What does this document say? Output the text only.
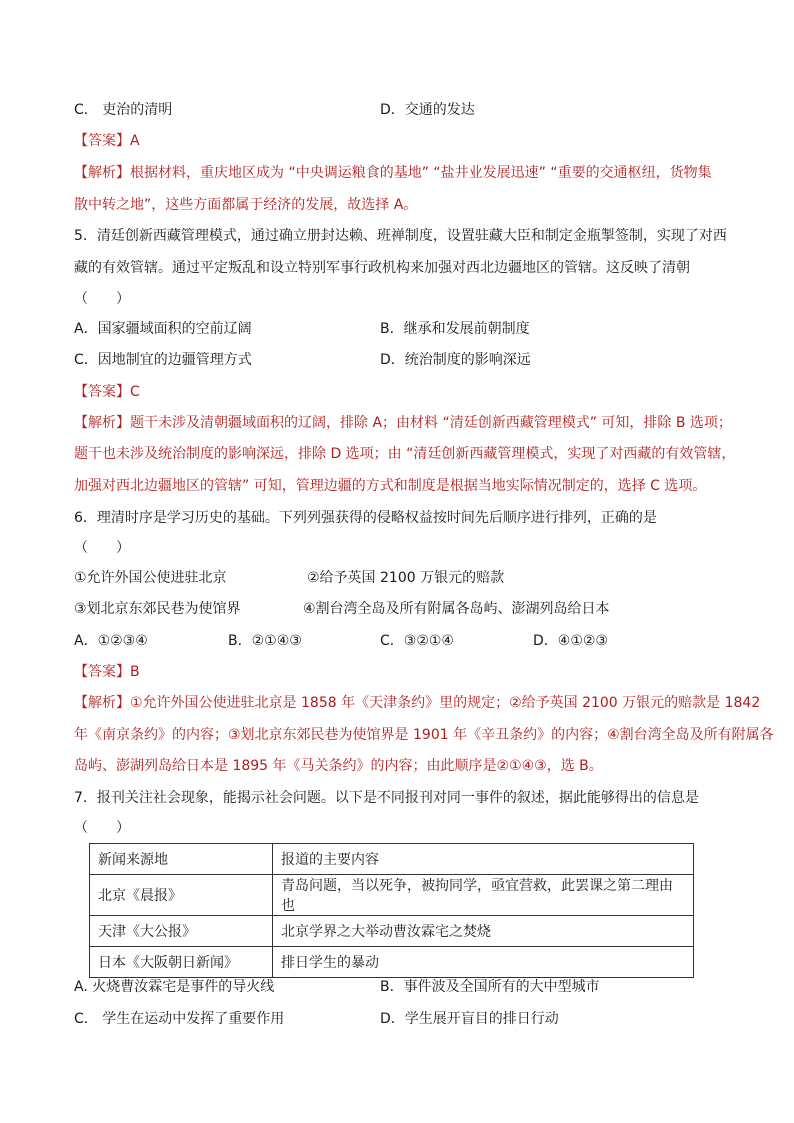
C． 吏治的清明	D．交通的发达
【答案】A
【解析】根据材料，重庆地区成为 “中央调运粮食的基地” “盐井业发展迅速” “重要的交通枢纽，货物集
散中转之地”，这些方面都属于经济的发展，故选择 A。
5．清廷创新西藏管理模式，通过确立册封达赖、班禅制度，设置驻藏大臣和制定金瓶掣签制，实现了对西
藏的有效管辖。通过平定叛乱和设立特别军事行政机构来加强对西北边疆地区的管辖。这反映了清朝
（　　）
A．国家疆域面积的空前辽阔	B．继承和发展前朝制度
C．因地制宜的边疆管理方式	D．统治制度的影响深远
【答案】C
【解析】题干未涉及清朝疆域面积的辽阔，排除 A；由材料 “清廷创新西藏管理模式” 可知，排除 B 选项；
题干也未涉及统治制度的影响深远，排除 D 选项；由 “清廷创新西藏管理模式，实现了对西藏的有效管辖，
加强对西北边疆地区的管辖” 可知，管理边疆的方式和制度是根据当地实际情况制定的，选择 C 选项。
6．理清时序是学习历史的基础。下列列强获得的侵略权益按时间先后顺序进行排列，正确的是
（　　）
①允许外国公使进驻北京	②给予英国 2100 万银元的赔款
③划北京东郊民巷为使馆界	④割台湾全岛及所有附属各岛屿、澎湖列岛给日本
A．①②③④	B．②①④③	C．③②①④	D．④①②③
【答案】B
【解析】①允许外国公使进驻北京是 1858 年《天津条约》里的规定；②给予英国 2100 万银元的赔款是 1842
年《南京条约》的内容；③划北京东郊民巷为使馆界是 1901 年《辛丑条约》的内容；④割台湾全岛及所有附属各
岛屿、澎湖列岛给日本是 1895 年《马关条约》的内容；由此顺序是②①④③，选 B。
7．报刊关注社会现象，能揭示社会问题。以下是不同报刊对同一事件的叙述，据此能够得出的信息是
（　　）
新闻来源地	报道的主要内容
北京《晨报》	青岛问题，当以死争，被拘同学，亟宜营救，此罢课之第二理由也
天津《大公报》	北京学界之大举动曹汝霖宅之焚烧
日本《大阪朝日新闻》	排日学生的暴动
A. 火烧曹汝霖宅是事件的导火线	B．事件波及全国所有的大中型城市
C． 学生在运动中发挥了重要作用	D．学生展开盲目的排日行动
